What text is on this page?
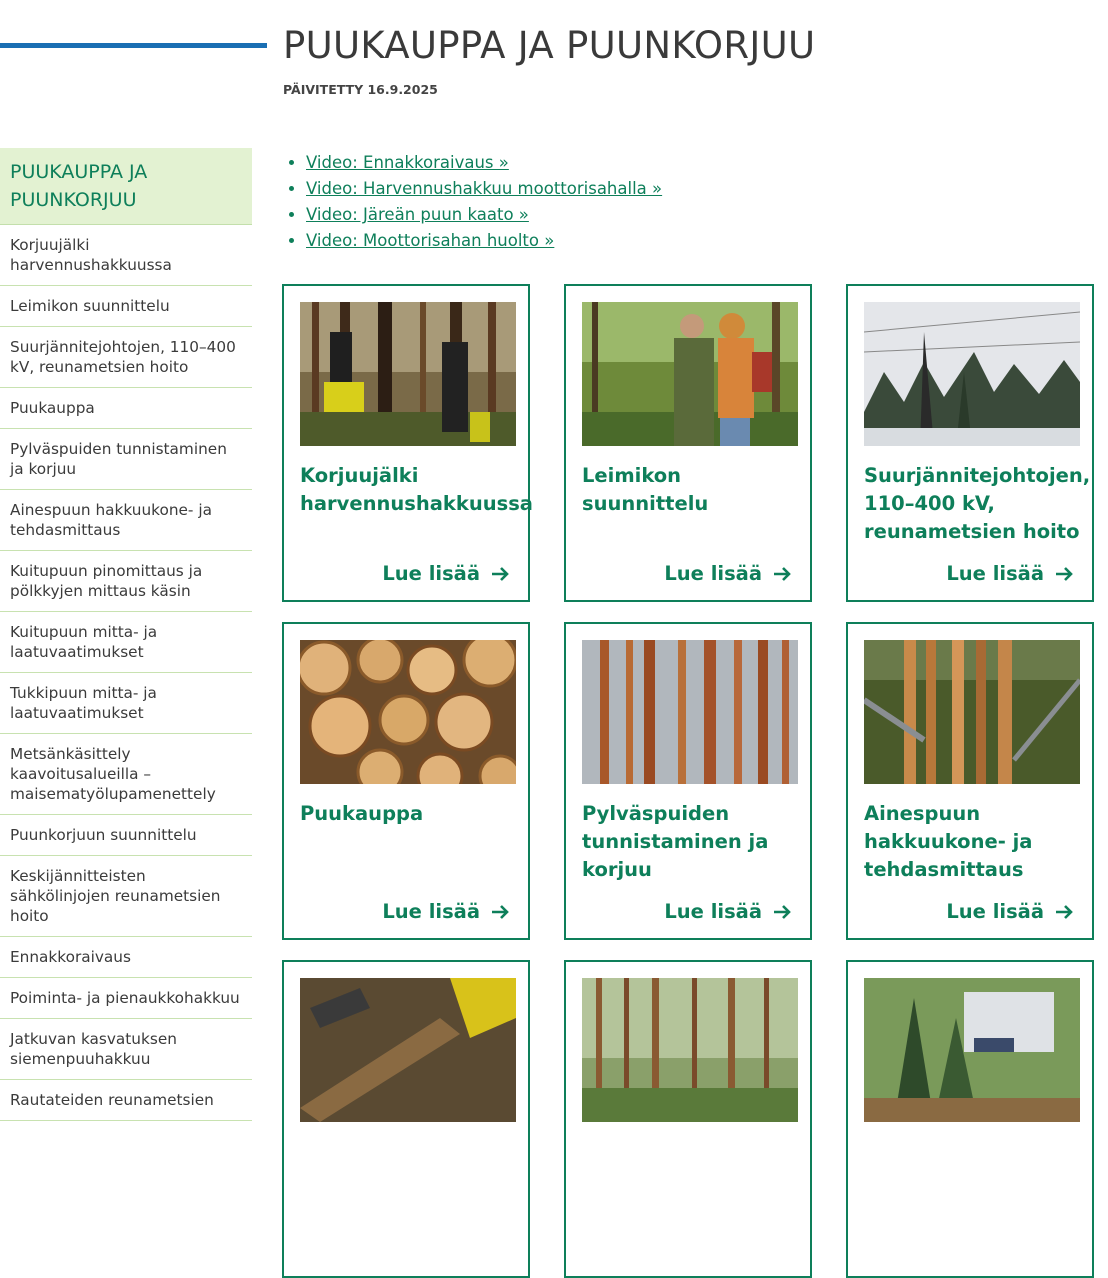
PUUKAUPPA JA PUUNKORJUU
PÄIVITETTY 16.9.2025
PUUKAUPPA JA PUUNKORJUU
Korjuujälki harvennushakkuussa
Leimikon suunnittelu
Suurjännitejohtojen, 110–400 kV, reunametsien hoito
Puukauppa
Pylväspuiden tunnistaminen ja korjuu
Ainespuun hakkuukone- ja tehdasmittaus
Kuitupuun pinomittaus ja pölkkyjen mittaus käsin
Kuitupuun mitta- ja laatuvaatimukset
Tukkipuun mitta- ja laatuvaatimukset
Metsänkäsittely kaavoitusalueilla – maisematyölupamenettely
Puunkorjuun suunnittelu
Keskijännitteisten sähkölinjojen reunametsien hoito
Ennakkoraivaus
Poiminta- ja pienaukkohakkuu
Jatkuvan kasvatuksen siemenpuuhakkuu
Rautateiden reunametsien
• Video: Ennakkoraivaus »
• Video: Harvennushakkuu moottorisahalla »
• Video: Järeän puun kaato »
• Video: Moottorisahan huolto »
Korjuujälki harvennushakkuussa
Lue lisää
Leimikon suunnittelu
Lue lisää
Suurjännitejohtojen, 110–400 kV, reunametsien hoito
Lue lisää
Puukauppa
Lue lisää
Pylväspuiden tunnistaminen ja korjuu
Lue lisää
Ainespuun hakkuukone- ja tehdasmittaus
Lue lisää
